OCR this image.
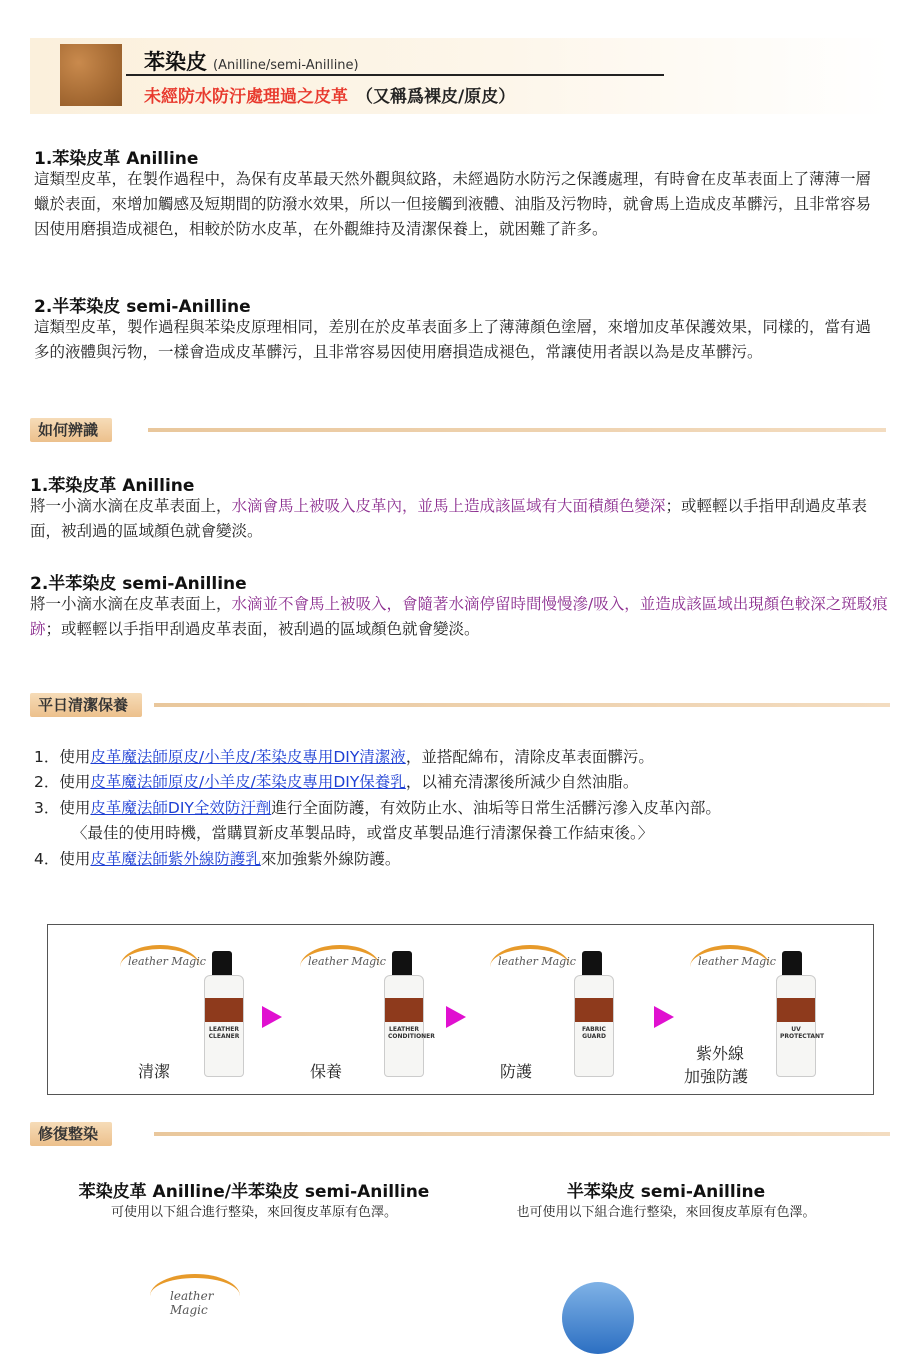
苯染皮 (Anilline/semi-Anilline)
未經防水防汙處理過之皮革 （又稱爲裸皮/原皮）
1.苯染皮革 Anilline
這類型皮革，在製作過程中，為保有皮革最天然外觀與紋路，未經過防水防污之保護處理，有時會在皮革表面上了薄薄一層蠟於表面，來增加觸感及短期間的防潑水效果，所以一但接觸到液體、油脂及污物時，就會馬上造成皮革髒污，且非常容易因使用磨損造成褪色，相較於防水皮革，在外觀維持及清潔保養上，就困難了許多。
2.半苯染皮 semi-Anilline
這類型皮革，製作過程與苯染皮原理相同，差別在於皮革表面多上了薄薄顏色塗層，來增加皮革保護效果，同樣的，當有過多的液體與污物，一樣會造成皮革髒污，且非常容易因使用磨損造成褪色，常讓使用者誤以為是皮革髒污。
如何辨識
1.苯染皮革 Anilline
將一小滴水滴在皮革表面上，水滴會馬上被吸入皮革內，並馬上造成該區域有大面積顏色變深；或輕輕以手指甲刮過皮革表面，被刮過的區域顏色就會變淡。
2.半苯染皮 semi-Anilline
將一小滴水滴在皮革表面上，水滴並不會馬上被吸入，會隨著水滴停留時間慢慢滲/吸入，並造成該區域出現顏色較深之斑駁痕跡；或輕輕以手指甲刮過皮革表面，被刮過的區域顏色就會變淡。
平日清潔保養
1．使用皮革魔法師原皮/小羊皮/苯染皮專用DIY清潔液，並搭配綿布，清除皮革表面髒污。
2．使用皮革魔法師原皮/小羊皮/苯染皮專用DIY保養乳，以補充清潔後所減少自然油脂。
3．使用皮革魔法師DIY全效防汙劑進行全面防護，有效防止水、油垢等日常生活髒污滲入皮革內部。
〈最佳的使用時機，當購買新皮革製品時，或當皮革製品進行清潔保養工作結束後。〉
4．使用皮革魔法師紫外線防護乳來加強紫外線防護。
leather Magic
LEATHER CLEANER
清潔
leather Magic
LEATHER CONDITIONER
保養
leather Magic
FABRIC GUARD
防護
leather Magic
UV PROTECTANT
紫外線
加強防護
修復整染
苯染皮革 Anilline/半苯染皮 semi-Anilline
可使用以下組合進行整染，來回復皮革原有色澤。
半苯染皮 semi-Anilline
也可使用以下組合進行整染，來回復皮革原有色澤。
leather Magic
